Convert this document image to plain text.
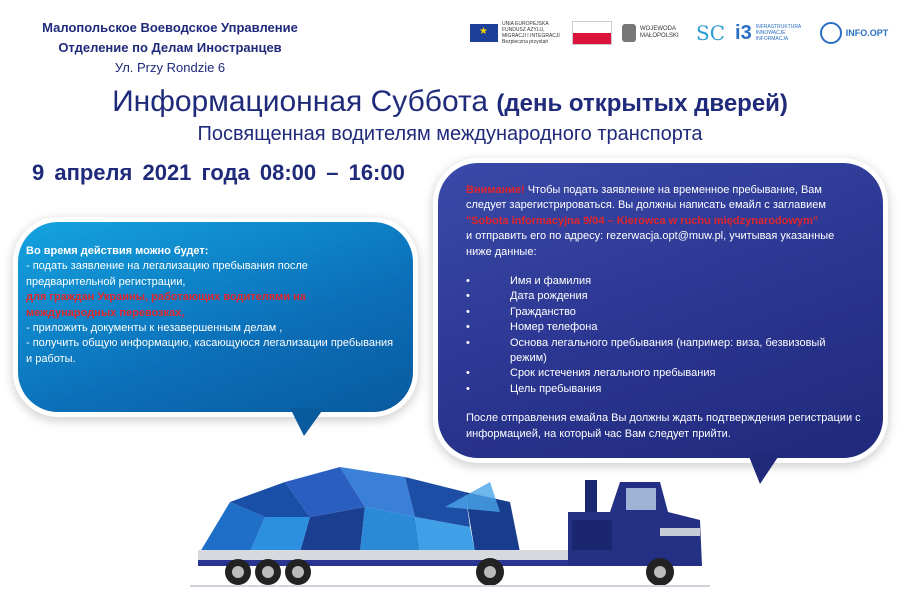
Малопольское Воеводское Управление
Отделение по Делам Иностранцев
Ул. Przy Rondzie 6
★
UNIA EUROPEJSKA FUNDUSZ AZYLU, MIGRACJI I INTEGRACJI
Bezpieczna przystań
WOJEWODA MAŁOPOLSKI SC i3 INFRASTRUKTURA INNOWACJE INFORMACJA
INFO.OPT
Информационная Суббота (день открытых дверей)
Посвященная водителям международного транспорта
9 апреля 2021 года 08:00 – 16:00
Во время действия можно будет:
- подать заявление на легализацию пребывания после предварительной регистрации,
для граждан Украины, работающих водителями на международных перевозках,
- приложить документы к незавершенным делам ,
- получить общую информацию, касающуюся легализации пребывания и работы.
Внимание! Чтобы подать заявление на временное пребывание, Вам следует зарегистрироваться. Вы должны написать емайл с заглавием
"Sobota informacyjna 9/04 – Kierowca w ruchu międzynarodowym"
и отправить его по адресу: rezerwacja.opt@muw.pl, учитывая указанные ниже данные:
• Имя и фамилия
• Дата рождения
• Гражданство
• Номер телефона
• Основа легального пребывания (например: виза, безвизовый режим)
• Срок истечения легального пребывания
• Цель пребывания
После отправления емайла Вы должны ждать подтверждения регистрации с информацией, на который час Вам следует прийти.
